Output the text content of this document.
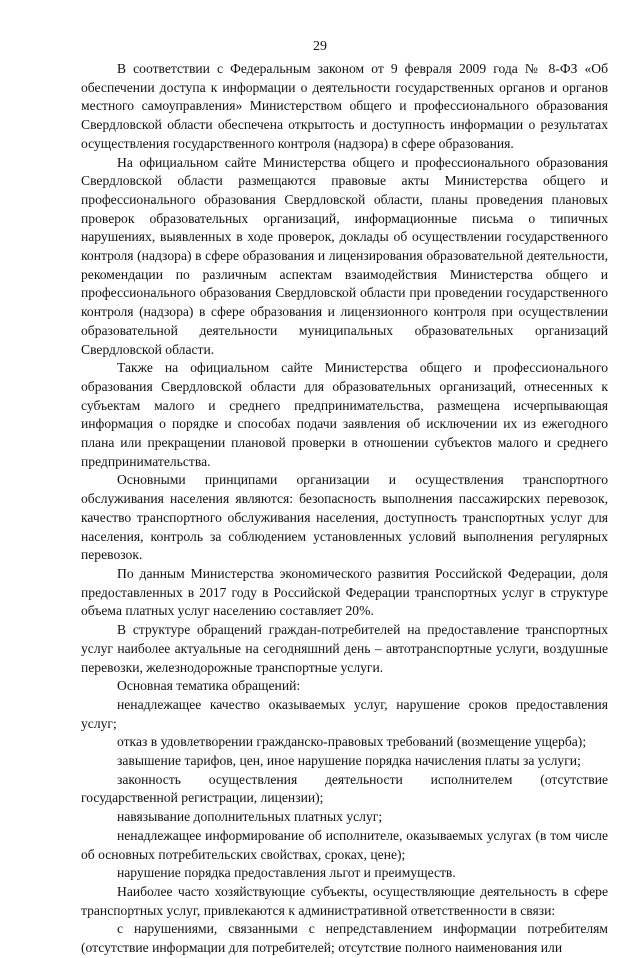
29

В соответствии с Федеральным законом от 9 февраля 2009 года № 8-ФЗ «Об обеспечении доступа к информации о деятельности государственных органов и органов местного самоуправления» Министерством общего и профессионального образования Свердловской области обеспечена открытость и доступность информации о результатах осуществления государственного контроля (надзора) в сфере образования.

На официальном сайте Министерства общего и профессионального образования Свердловской области размещаются правовые акты Министерства общего и профессионального образования Свердловской области, планы проведения плановых проверок образовательных организаций, информационные письма о типичных нарушениях, выявленных в ходе проверок, доклады об осуществлении государственного контроля (надзора) в сфере образования и лицензирования образовательной деятельности, рекомендации по различным аспектам взаимодействия Министерства общего и профессионального образования Свердловской области при проведении государственного контроля (надзора) в сфере образования и лицензионного контроля при осуществлении образовательной деятельности муниципальных образовательных организаций Свердловской области.

Также на официальном сайте Министерства общего и профессионального образования Свердловской области для образовательных организаций, отнесенных к субъектам малого и среднего предпринимательства, размещена исчерпывающая информация о порядке и способах подачи заявления об исключении их из ежегодного плана или прекращении плановой проверки в отношении субъектов малого и среднего предпринимательства.

Основными принципами организации и осуществления транспортного обслуживания населения являются: безопасность выполнения пассажирских перевозок, качество транспортного обслуживания населения, доступность транспортных услуг для населения, контроль за соблюдением установленных условий выполнения регулярных перевозок.

По данным Министерства экономического развития Российской Федерации, доля предоставленных в 2017 году в Российской Федерации транспортных услуг в структуре объема платных услуг населению составляет 20%.

В структуре обращений граждан-потребителей на предоставление транспортных услуг наиболее актуальные на сегодняшний день – автотранспортные услуги, воздушные перевозки, железнодорожные транспортные услуги.

Основная тематика обращений:

ненадлежащее качество оказываемых услуг, нарушение сроков предоставления услуг;

отказ в удовлетворении гражданско-правовых требований (возмещение ущерба);

завышение тарифов, цен, иное нарушение порядка начисления платы за услуги;

законность осуществления деятельности исполнителем (отсутствие государственной регистрации, лицензии);

навязывание дополнительных платных услуг;

ненадлежащее информирование об исполнителе, оказываемых услугах (в том числе об основных потребительских свойствах, сроках, цене);

нарушение порядка предоставления льгот и преимуществ.

Наиболее часто хозяйствующие субъекты, осуществляющие деятельность в сфере транспортных услуг, привлекаются к административной ответственности в связи:

с нарушениями, связанными с непредставлением информации потребителям (отсутствие информации для потребителей; отсутствие полного наименования или
